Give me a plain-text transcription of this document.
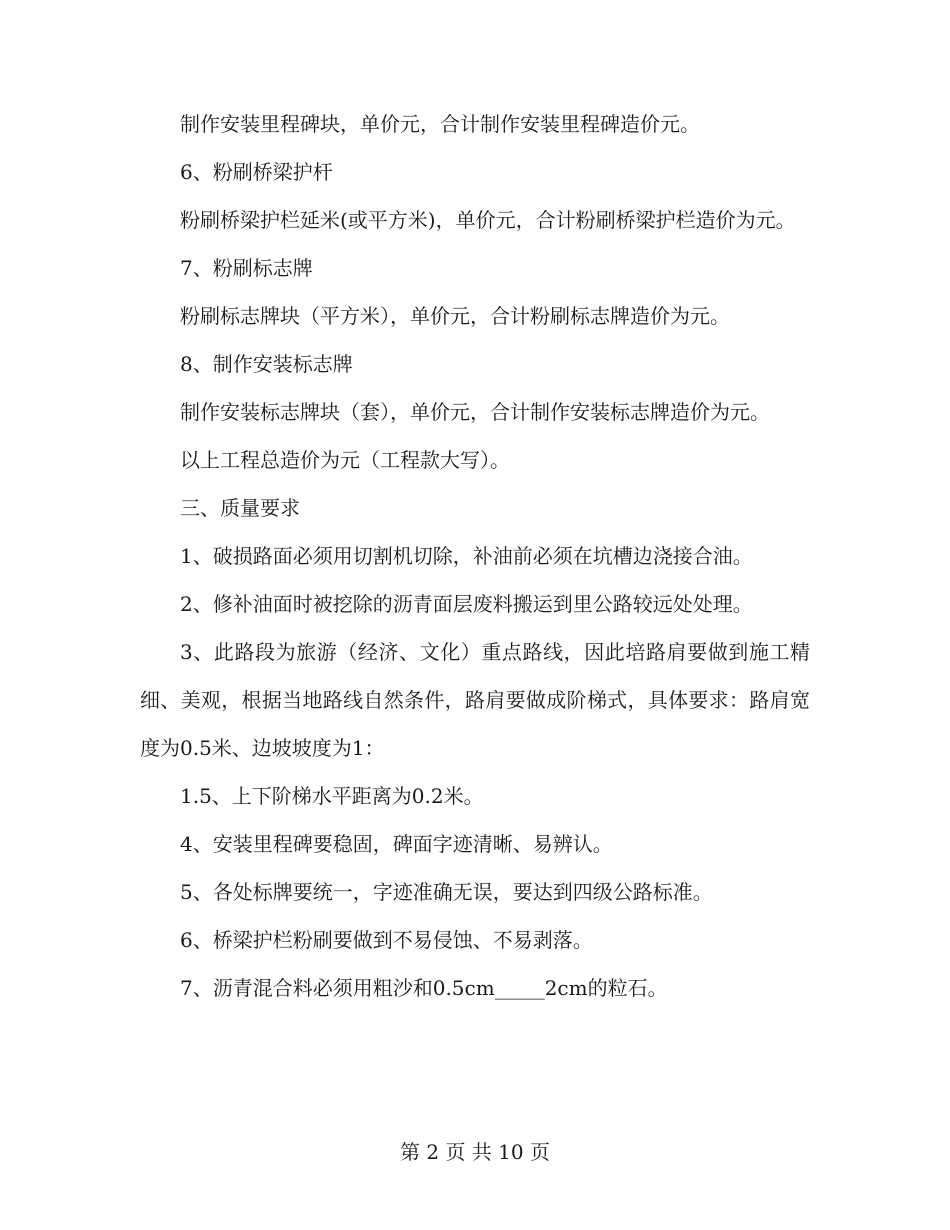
制作安装里程碑块，单价元，合计制作安装里程碑造价元。

6、粉刷桥梁护杆

粉刷桥梁护栏延米(或平方米)，单价元，合计粉刷桥梁护栏造价为元。

7、粉刷标志牌

粉刷标志牌块（平方米），单价元，合计粉刷标志牌造价为元。

8、制作安装标志牌

制作安装标志牌块（套），单价元，合计制作安装标志牌造价为元。

以上工程总造价为元（工程款大写）。

三、质量要求

1、破损路面必须用切割机切除，补油前必须在坑槽边浇接合油。

2、修补油面时被挖除的沥青面层废料搬运到里公路较远处处理。

3、此路段为旅游（经济、文化）重点路线，因此培路肩要做到施工精细、美观，根据当地路线自然条件，路肩要做成阶梯式，具体要求：路肩宽度为0.5米、边坡坡度为1：

1.5、上下阶梯水平距离为0.2米。

4、安装里程碑要稳固，碑面字迹清晰、易辨认。

5、各处标牌要统一，字迹准确无误，要达到四级公路标准。

6、桥梁护栏粉刷要做到不易侵蚀、不易剥落。

7、沥青混合料必须用粗沙和0.5cm_____2cm的粒石。

第 2 页 共 10 页
